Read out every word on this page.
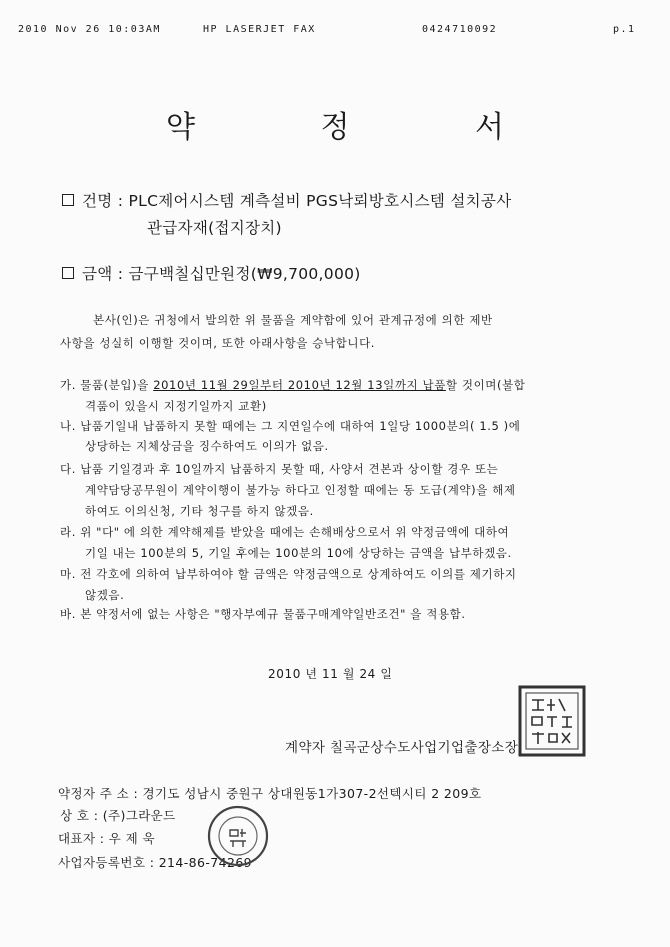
2010 Nov 26 10:03AM	HP LASERJET FAX	0424710092	p.1
약 정 서
건명 : PLC제어시스템 계측설비 PGS낙뢰방호시스템 설치공사
관급자재(접지장치)
금액 : 금구백칠십만원정(₩9,700,000)
본사(인)은 귀청에서 발의한 위 물품을 계약함에 있어 관계규정에 의한 제반
사항을 성실히 이행할 것이며, 또한 아래사항을 승낙합니다.
가. 물품(분입)을 2010년 11월 29일부터 2010년 12월 13일까지 납품할 것이며(불합
격품이 있을시 지정기일까지 교환)
나. 납품기일내 납품하지 못할 때에는 그 지연일수에 대하여 1일당 1000분의( 1.5 )에
상당하는 지체상금을 징수하여도 이의가 없음.
다. 납품 기일경과 후 10일까지 납품하지 못할 때, 사양서 견본과 상이할 경우 또는
계약담당공무원이 계약이행이 불가능 하다고 인정할 때에는 동 도급(계약)을 해제
하여도 이의신청, 기타 청구를 하지 않겠음.
라. 위 "다" 에 의한 계약해제를 받았을 때에는 손해배상으로서 위 약정금액에 대하여
기일 내는 100분의 5, 기일 후에는 100분의 10에 상당하는 금액을 납부하겠음.
마. 전 각호에 의하여 납부하여야 할 금액은 약정금액으로 상계하여도 이의를 제기하지
않겠음.
바. 본 약정서에 없는 사항은 "행자부예규 물품구매계약일반조건" 을 적용함.
2010 년 11 월 24 일
계약자 칠곡군상수도사업기업출장소장
약정자 주 소 : 경기도 성남시 중원구 상대원동1가307-2선텍시티 2 209호
상 호 : (주)그라운드
대표자 : 우 제 욱
사업자등록번호 : 214-86-74269
